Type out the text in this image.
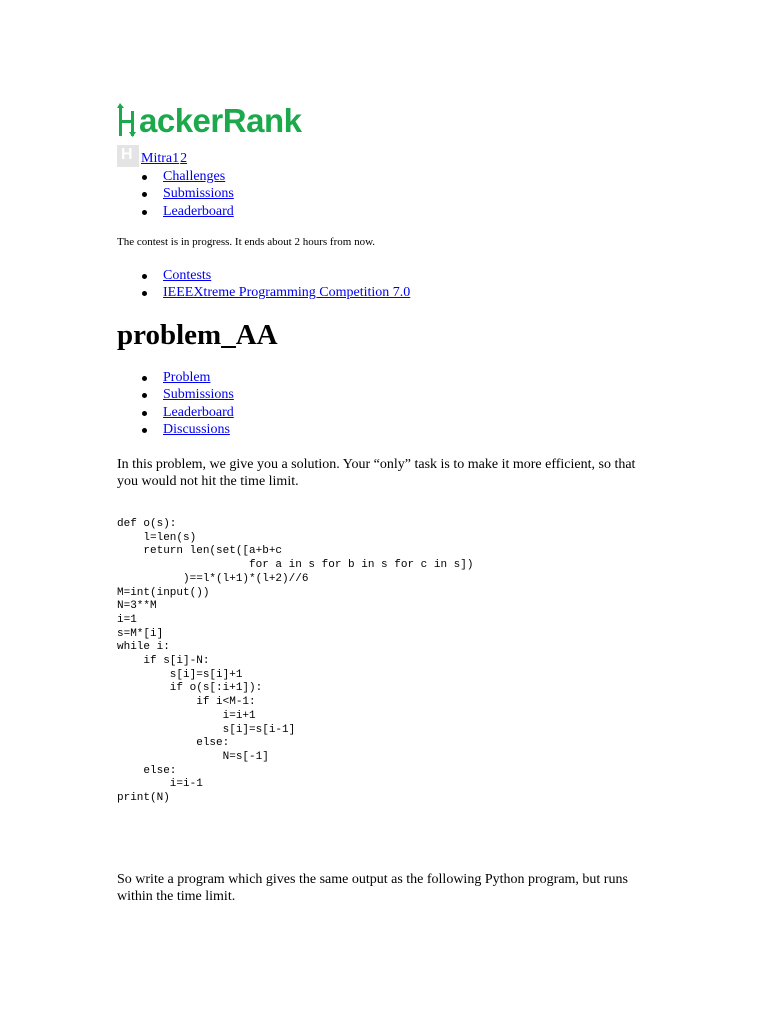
ackerRank
H Mitra1 2
Challenges
Submissions
Leaderboard
The contest is in progress. It ends about 2 hours from now.
Contests
IEEEXtreme Programming Competition 7.0
problem_AA
Problem
Submissions
Leaderboard
Discussions

In this problem, we give you a solution. Your “only” task is to make it more efficient, so that you would not hit the time limit.

def o(s):
l=len(s)
return len(set([a+b+c
for a in s for b in s for c in s])
)==l*(l+1)*(l+2)//6
M=int(input())
N=3**M
i=1
s=M*[i]
while i:
if s[i]-N:
s[i]=s[i]+1
if o(s[:i+1]):
if i<M-1:
i=i+1
s[i]=s[i-1]
else:
N=s[-1]
else:
i=i-1
print(N)

So write a program which gives the same output as the following Python program, but runs within the time limit.
